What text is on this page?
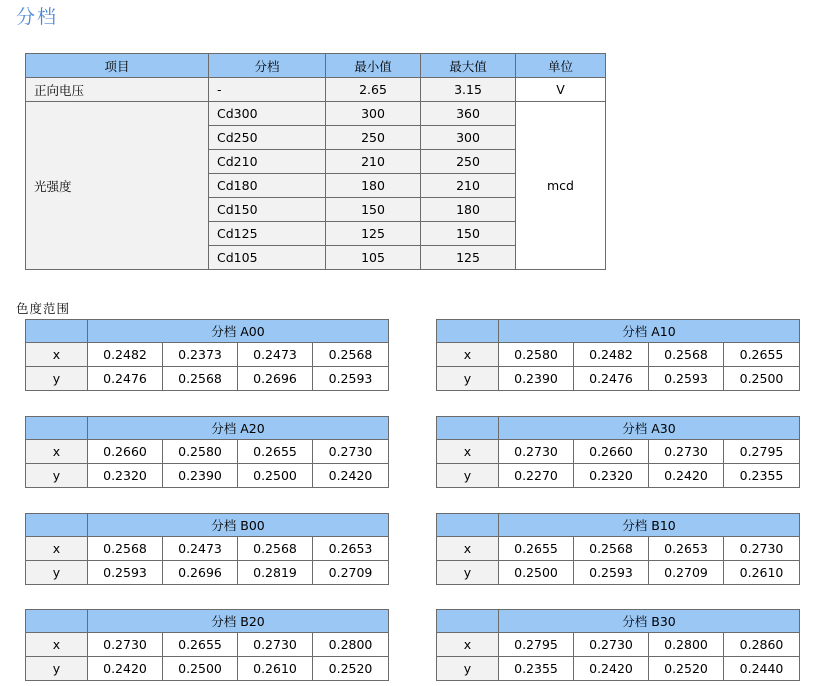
分档
项目	分档	最小值	最大值	单位
正向电压	-	2.65	3.15	V
光强度	Cd300	300	360	mcd
	Cd250	250	300	
	Cd210	210	250	
	Cd180	180	210	
	Cd150	150	180	
	Cd125	125	150	
	Cd105	105	125	
色度范围
	分档 A00			
x	0.2482	0.2373	0.2473	0.2568
y	0.2476	0.2568	0.2696	0.2593
	分档 A10			
x	0.2580	0.2482	0.2568	0.2655
y	0.2390	0.2476	0.2593	0.2500
	分档 A20			
x	0.2660	0.2580	0.2655	0.2730
y	0.2320	0.2390	0.2500	0.2420
	分档 A30			
x	0.2730	0.2660	0.2730	0.2795
y	0.2270	0.2320	0.2420	0.2355
	分档 B00			
x	0.2568	0.2473	0.2568	0.2653
y	0.2593	0.2696	0.2819	0.2709
	分档 B10			
x	0.2655	0.2568	0.2653	0.2730
y	0.2500	0.2593	0.2709	0.2610
	分档 B20			
x	0.2730	0.2655	0.2730	0.2800
y	0.2420	0.2500	0.2610	0.2520
	分档 B30			
x	0.2795	0.2730	0.2800	0.2860
y	0.2355	0.2420	0.2520	0.2440
